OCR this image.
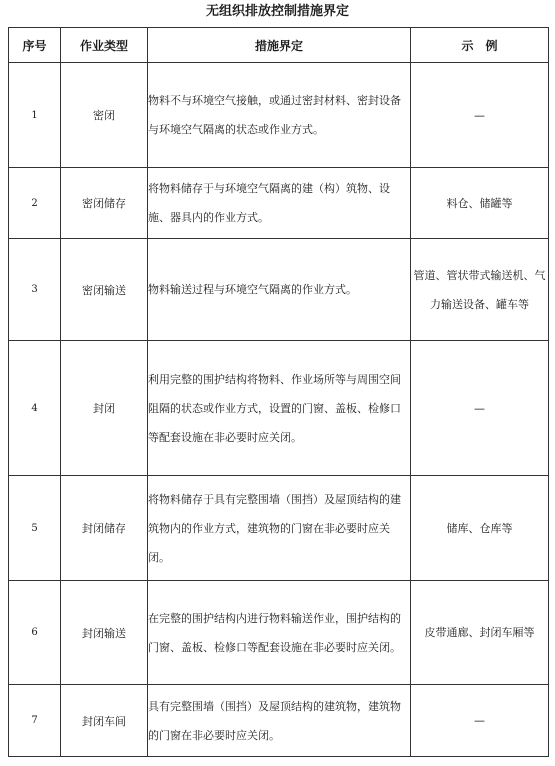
无组织排放控制措施界定
序号	作业类型	措施界定	示　例
1	密闭	物料不与环境空气接触，或通过密封材料、密封设备与环境空气隔离的状态或作业方式。	—
2	密闭储存	将物料储存于与环境空气隔离的建（构）筑物、设施、器具内的作业方式。	料仓、储罐等
3	密闭输送	物料输送过程与环境空气隔离的作业方式。	管道、管状带式输送机、气力输送设备、罐车等
4	封闭	利用完整的围护结构将物料、作业场所等与周围空间阻隔的状态或作业方式，设置的门窗、盖板、检修口等配套设施在非必要时应关闭。	—
5	封闭储存	将物料储存于具有完整围墙（围挡）及屋顶结构的建筑物内的作业方式，建筑物的门窗在非必要时应关闭。	储库、仓库等
6	封闭输送	在完整的围护结构内进行物料输送作业，围护结构的门窗、盖板、检修口等配套设施在非必要时应关闭。	皮带通廊、封闭车厢等
7	封闭车间	具有完整围墙（围挡）及屋顶结构的建筑物，建筑物的门窗在非必要时应关闭。	—
